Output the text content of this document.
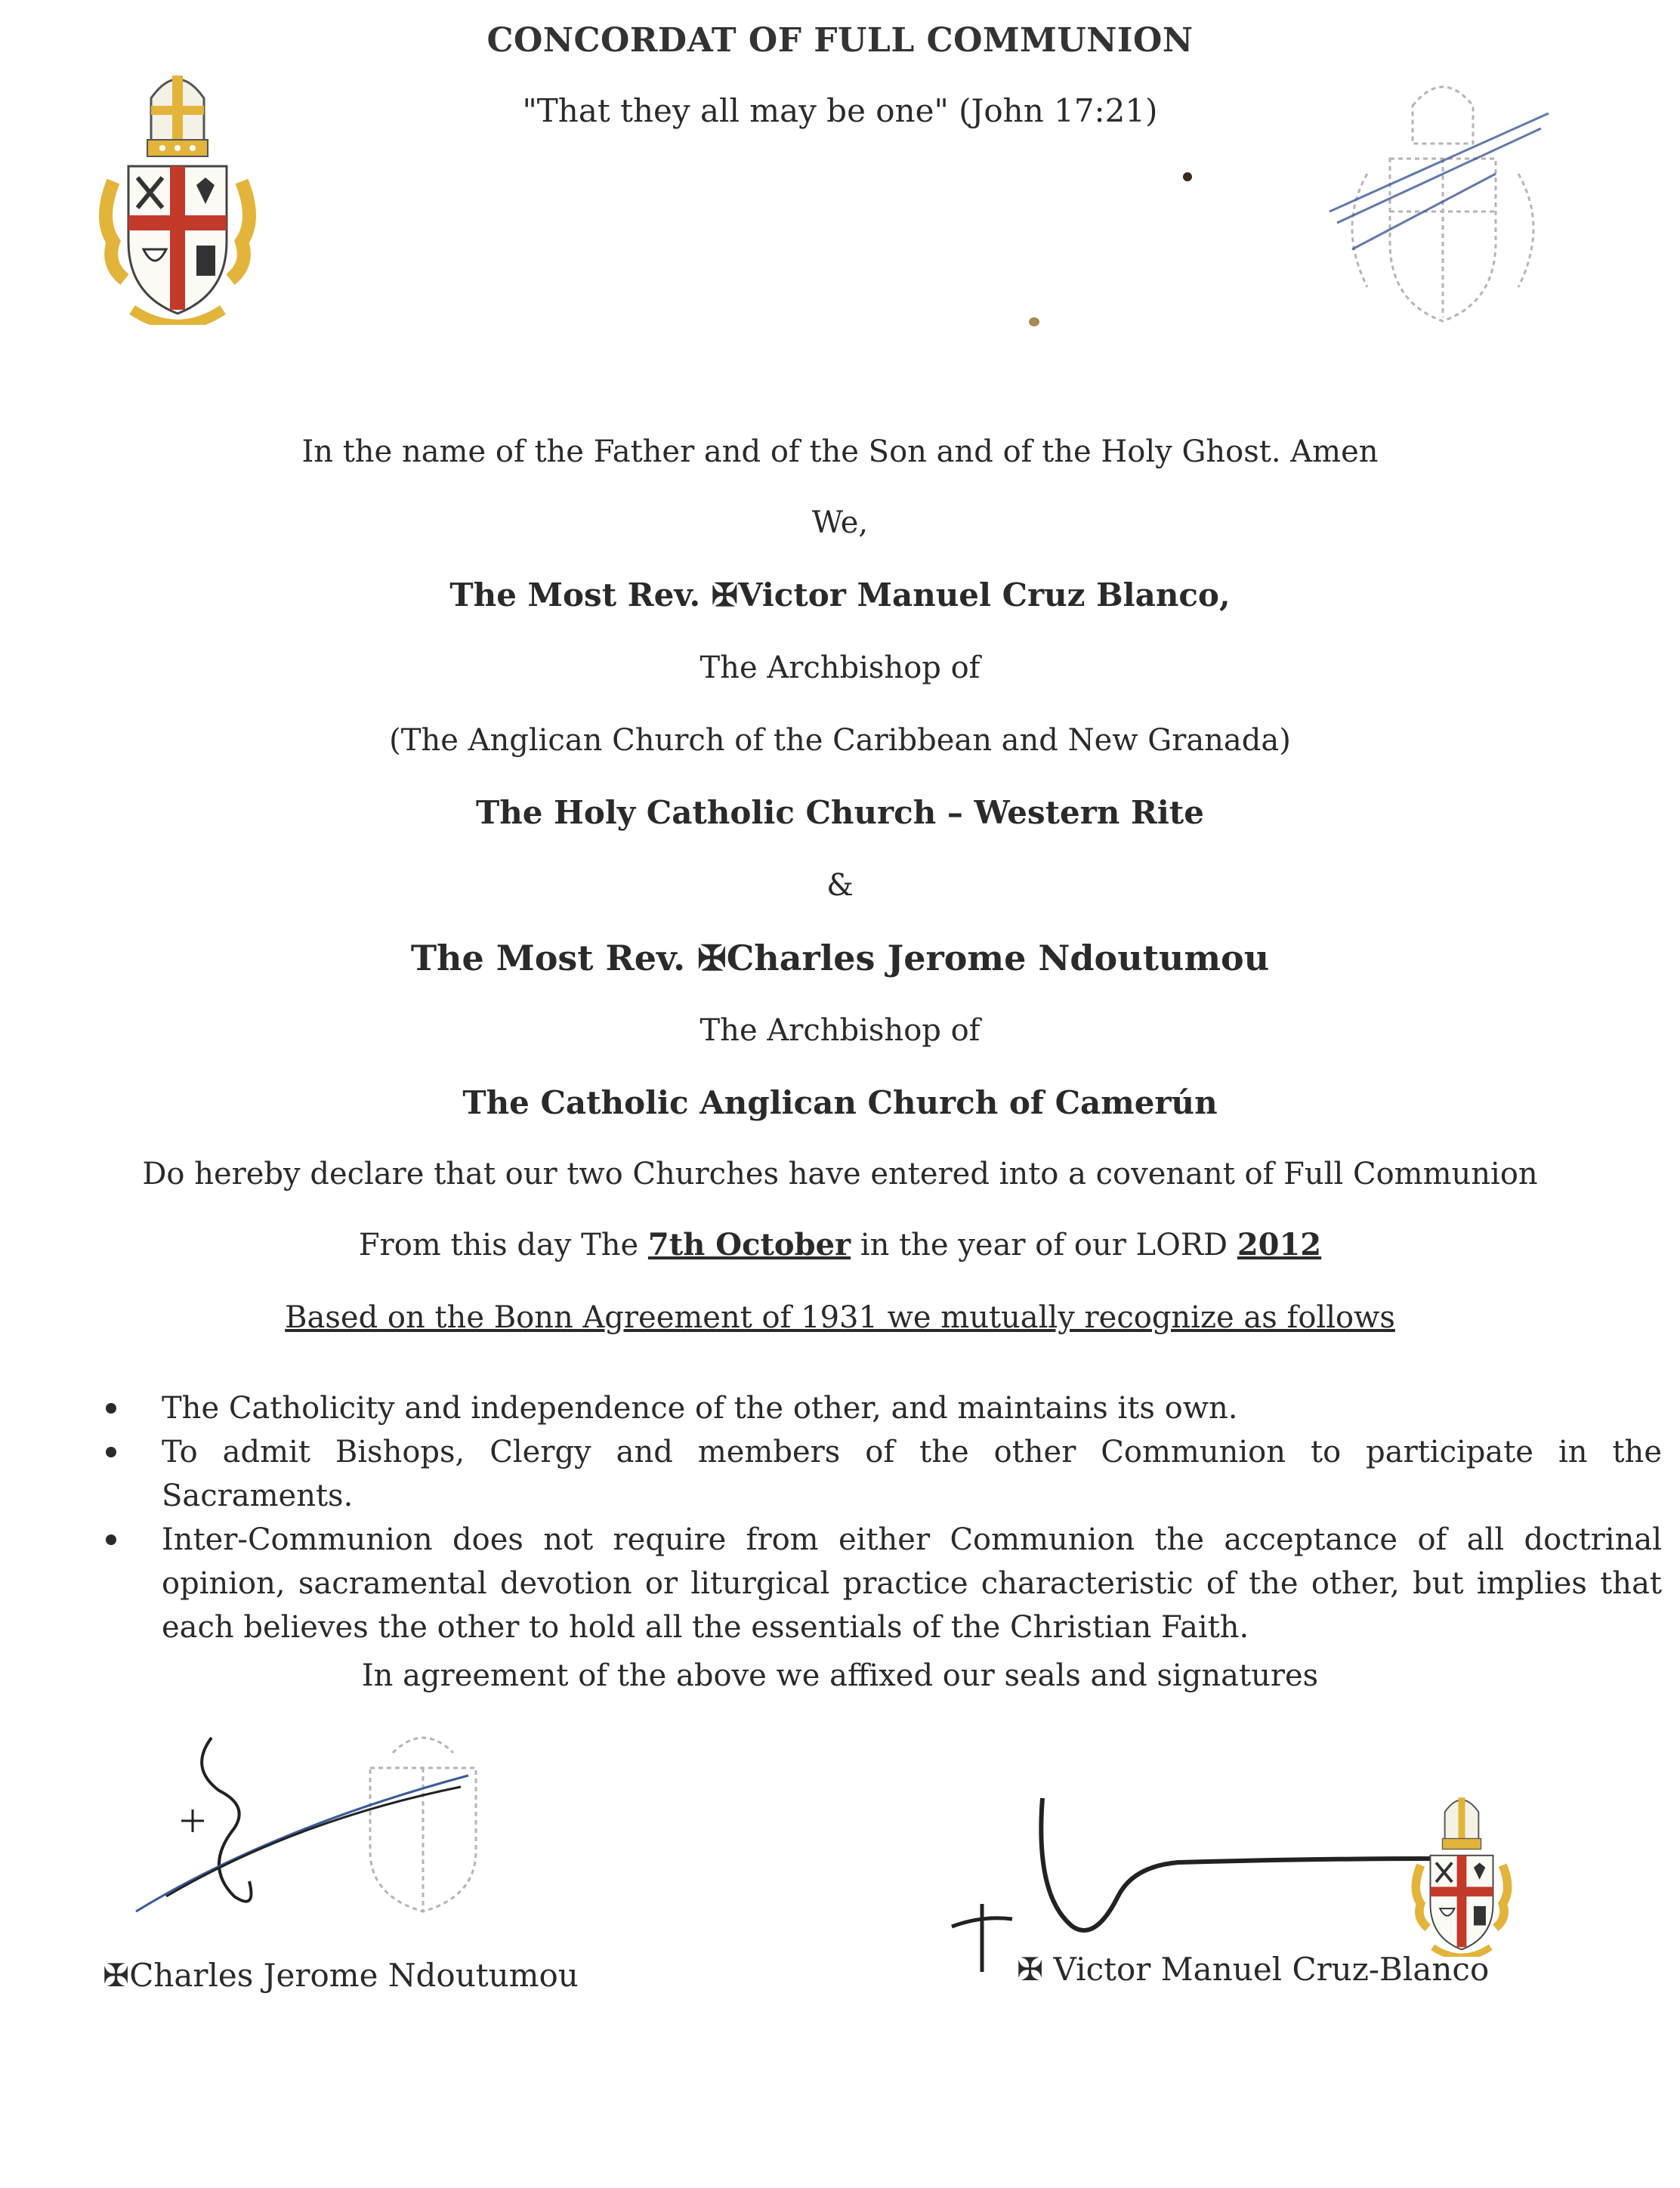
CONCORDAT OF FULL COMMUNION
"That they all may be one" (John 17:21)
In the name of the Father and of the Son and of the Holy Ghost. Amen
We,
The Most Rev. ✠Victor Manuel Cruz Blanco,
The Archbishop of
(The Anglican Church of the Caribbean and New Granada)
The Holy Catholic Church – Western Rite
&
The Most Rev. ✠Charles Jerome Ndoutumou
The Archbishop of
The Catholic Anglican Church of Camerún
Do hereby declare that our two Churches have entered into a covenant of Full Communion
From this day The 7th October in the year of our LORD 2012
Based on the Bonn Agreement of 1931 we mutually recognize as follows
The Catholicity and independence of the other, and maintains its own.
To admit Bishops, Clergy and members of the other Communion to participate in the Sacraments.
Inter-Communion does not require from either Communion the acceptance of all doctrinal opinion, sacramental devotion or liturgical practice characteristic of the other, but implies that each believes the other to hold all the essentials of the Christian Faith.
In agreement of the above we affixed our seals and signatures
✠Charles Jerome Ndoutumou	✠ Victor Manuel Cruz-Blanco
